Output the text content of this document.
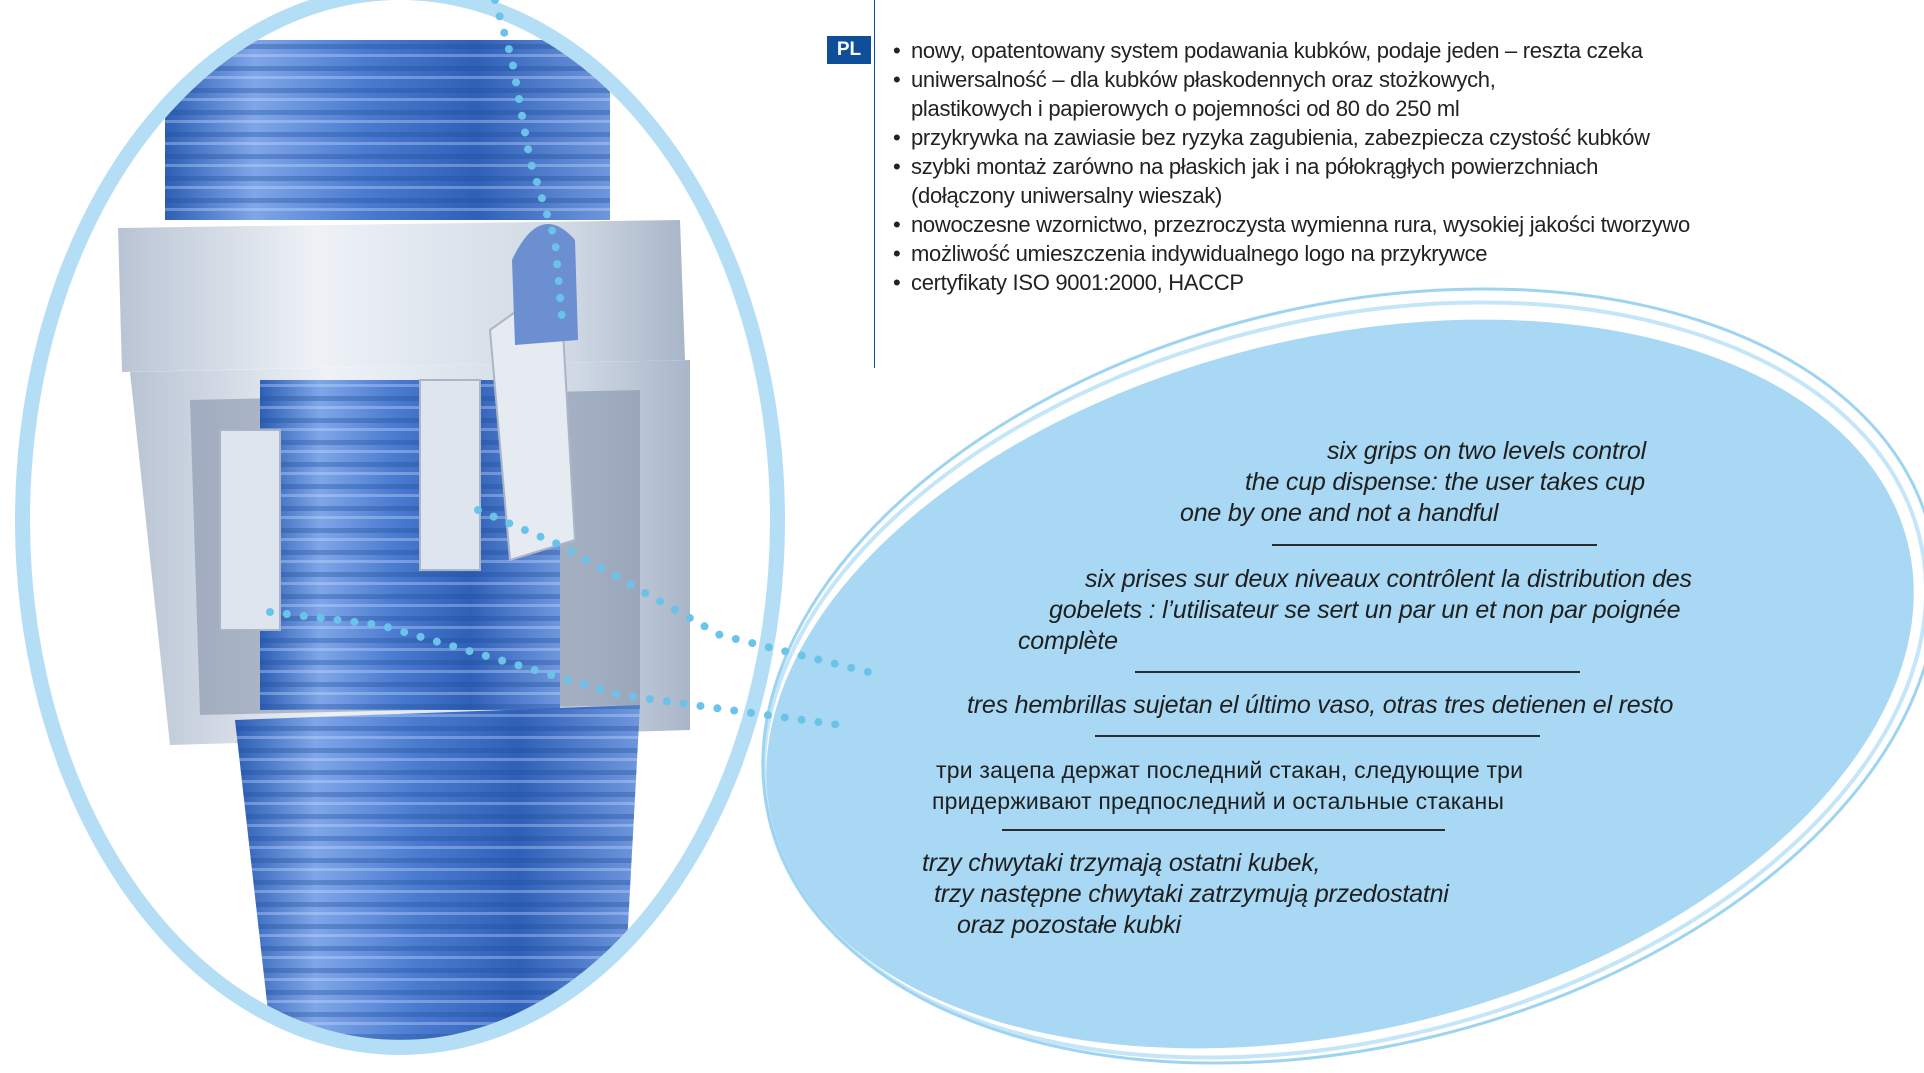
PL
•	nowy, opatentowany system podawania kubków, podaje jeden – reszta czeka
• uniwersalność – dla kubków płaskodennych oraz stożkowych,
plastikowych i papierowych o pojemności od 80 do 250 ml
• przykrywka na zawiasie bez ryzyka zagubienia, zabezpiecza czystość kubków
• szybki montaż zarówno na płaskich jak i na półokrągłych powierzchniach
(dołączony uniwersalny wieszak)
• nowoczesne wzornictwo, przezroczysta wymienna rura, wysokiej jakości tworzywo
• możliwość umieszczenia indywidualnego logo na przykrywce
• certyfikaty ISO 9001:2000, HACCP
six grips on two levels control
the cup dispense: the user takes cup
one by one and not a handful
six prises sur deux niveaux contrôlent la distribution des
gobelets : l’utilisateur se sert un par un et non par poignée
complète
tres hembrillas sujetan el último vaso, otras tres detienen el resto
три зацепа держат последний стакан, следующие три
придерживают предпоследний и остальные стаканы
trzy chwytaki trzymają ostatni kubek,
trzy następne chwytaki zatrzymują przedostatni
oraz pozostałe kubki
